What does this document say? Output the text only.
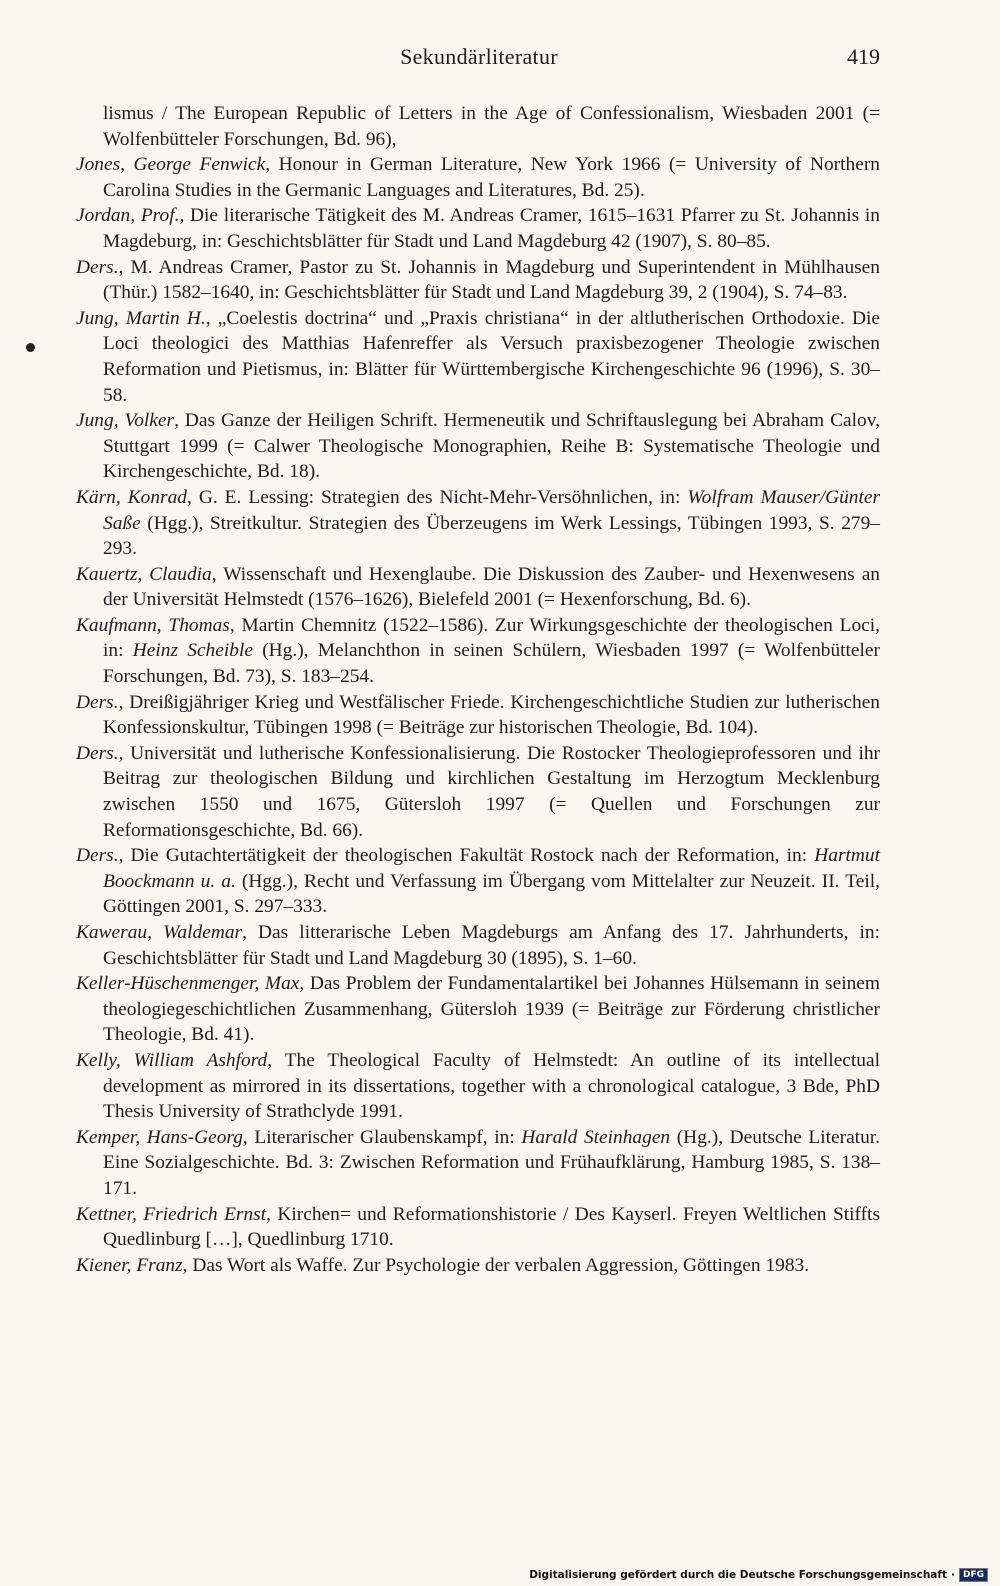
Sekundärliteratur	419

lismus / The European Republic of Letters in the Age of Confessionalism, Wiesbaden 2001 (= Wolfenbütteler Forschungen, Bd. 96),

Jones, George Fenwick, Honour in German Literature, New York 1966 (= University of Northern Carolina Studies in the Germanic Languages and Literatures, Bd. 25).

Jordan, Prof., Die literarische Tätigkeit des M. Andreas Cramer, 1615–1631 Pfarrer zu St. Johannis in Magdeburg, in: Geschichtsblätter für Stadt und Land Magdeburg 42 (1907), S. 80–85.

Ders., M. Andreas Cramer, Pastor zu St. Johannis in Magdeburg und Superintendent in Mühlhausen (Thür.) 1582–1640, in: Geschichtsblätter für Stadt und Land Magdeburg 39, 2 (1904), S. 74–83.

Jung, Martin H., „Coelestis doctrina“ und „Praxis christiana“ in der altlutherischen Orthodoxie. Die Loci theologici des Matthias Hafenreffer als Versuch praxisbezogener Theologie zwischen Reformation und Pietismus, in: Blätter für Württembergische Kirchengeschichte 96 (1996), S. 30–58.

Jung, Volker, Das Ganze der Heiligen Schrift. Hermeneutik und Schriftauslegung bei Abraham Calov, Stuttgart 1999 (= Calwer Theologische Monographien, Reihe B: Systematische Theologie und Kirchengeschichte, Bd. 18).

Kärn, Konrad, G. E. Lessing: Strategien des Nicht-Mehr-Versöhnlichen, in: Wolfram Mauser/Günter Saße (Hgg.), Streitkultur. Strategien des Überzeugens im Werk Lessings, Tübingen 1993, S. 279–293.

Kauertz, Claudia, Wissenschaft und Hexenglaube. Die Diskussion des Zauber- und Hexenwesens an der Universität Helmstedt (1576–1626), Bielefeld 2001 (= Hexenforschung, Bd. 6).

Kaufmann, Thomas, Martin Chemnitz (1522–1586). Zur Wirkungsgeschichte der theologischen Loci, in: Heinz Scheible (Hg.), Melanchthon in seinen Schülern, Wiesbaden 1997 (= Wolfenbütteler Forschungen, Bd. 73), S. 183–254.

Ders., Dreißigjähriger Krieg und Westfälischer Friede. Kirchengeschichtliche Studien zur lutherischen Konfessionskultur, Tübingen 1998 (= Beiträge zur historischen Theologie, Bd. 104).

Ders., Universität und lutherische Konfessionalisierung. Die Rostocker Theologieprofessoren und ihr Beitrag zur theologischen Bildung und kirchlichen Gestaltung im Herzogtum Mecklenburg zwischen 1550 und 1675, Gütersloh 1997 (= Quellen und Forschungen zur Reformationsgeschichte, Bd. 66).

Ders., Die Gutachtertätigkeit der theologischen Fakultät Rostock nach der Reformation, in: Hartmut Boockmann u. a. (Hgg.), Recht und Verfassung im Übergang vom Mittelalter zur Neuzeit. II. Teil, Göttingen 2001, S. 297–333.

Kawerau, Waldemar, Das litterarische Leben Magdeburgs am Anfang des 17. Jahrhunderts, in: Geschichtsblätter für Stadt und Land Magdeburg 30 (1895), S. 1–60.

Keller-Hüschenmenger, Max, Das Problem der Fundamentalartikel bei Johannes Hülsemann in seinem theologiegeschichtlichen Zusammenhang, Gütersloh 1939 (= Beiträge zur Förderung christlicher Theologie, Bd. 41).

Kelly, William Ashford, The Theological Faculty of Helmstedt: An outline of its intellectual development as mirrored in its dissertations, together with a chronological catalogue, 3 Bde, PhD Thesis University of Strathclyde 1991.

Kemper, Hans-Georg, Literarischer Glaubenskampf, in: Harald Steinhagen (Hg.), Deutsche Literatur. Eine Sozialgeschichte. Bd. 3: Zwischen Reformation und Frühaufklärung, Hamburg 1985, S. 138–171.

Kettner, Friedrich Ernst, Kirchen= und Reformationshistorie / Des Kayserl. Freyen Weltlichen Stiffts Quedlinburg […], Quedlinburg 1710.

Kiener, Franz, Das Wort als Waffe. Zur Psychologie der verbalen Aggression, Göttingen 1983.

Digitalisierung gefördert durch die Deutsche Forschungsgemeinschaft · DFG
